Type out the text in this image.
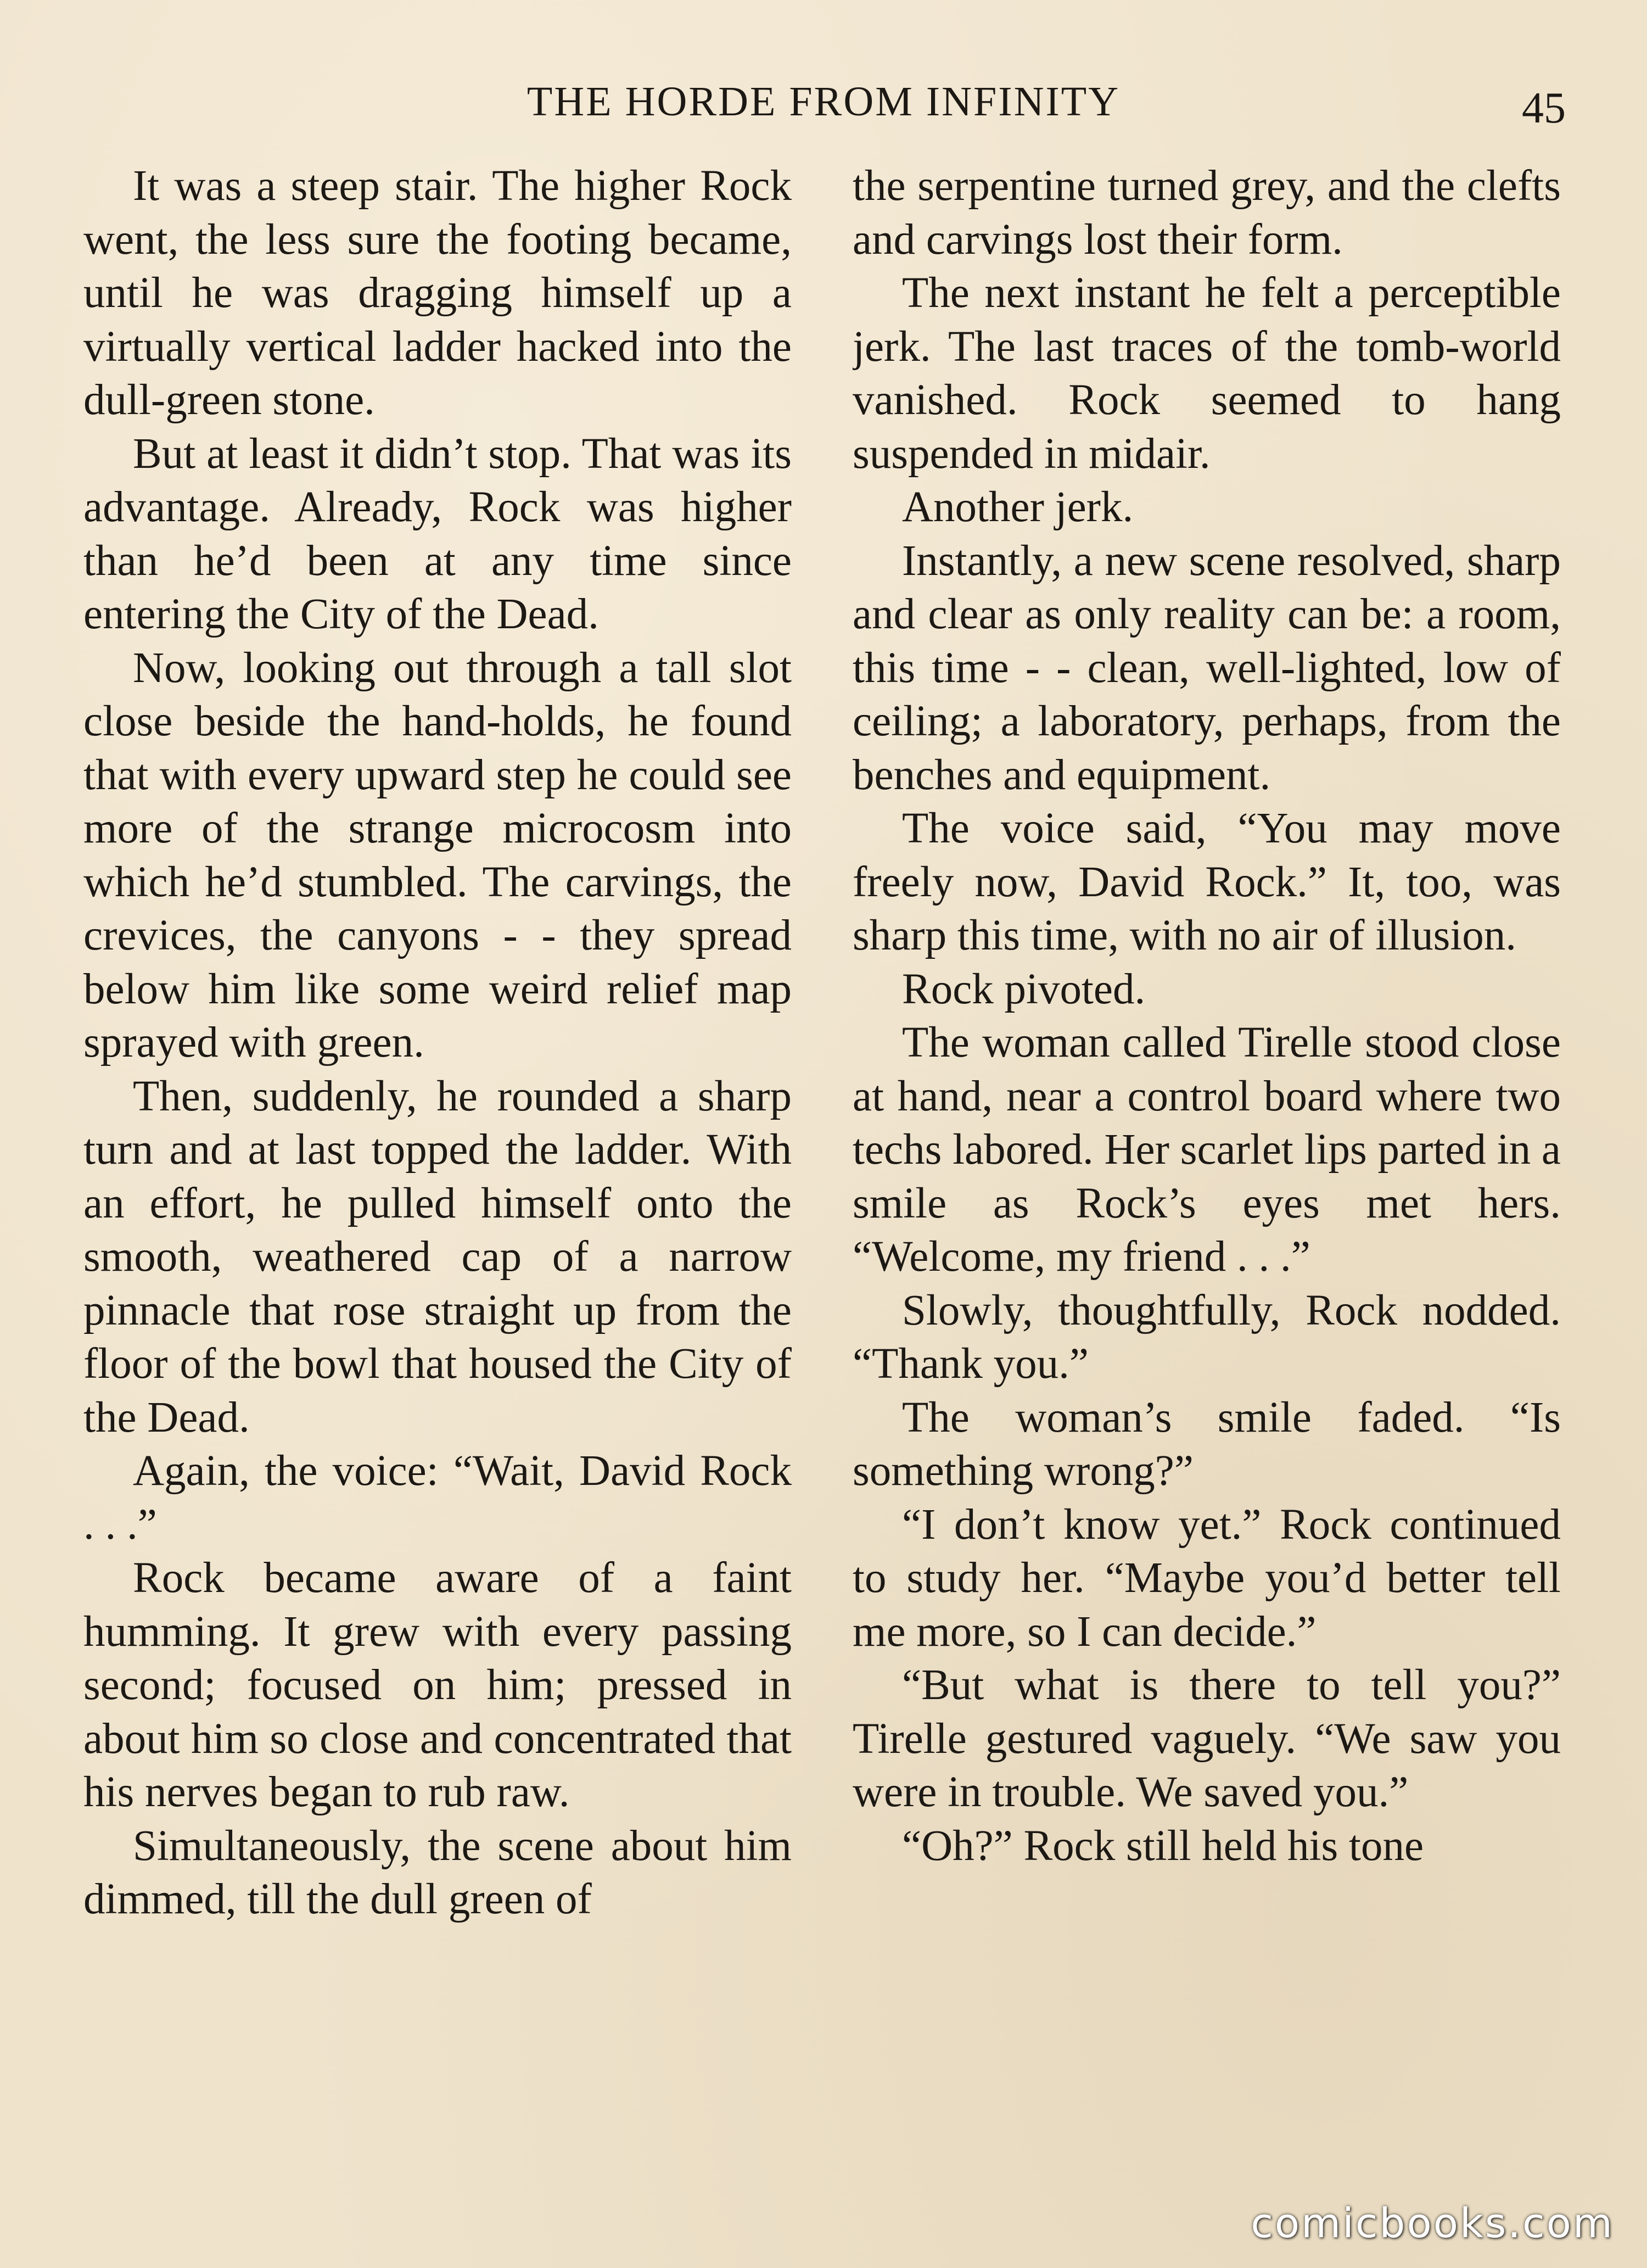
THE HORDE FROM INFINITY	45

It was a steep stair. The higher Rock went, the less sure the footing became, until he was dragging himself up a virtually vertical ladder hacked into the dull-green stone.

But at least it didn’t stop. That was its advantage. Already, Rock was higher than he’d been at any time since entering the City of the Dead.

Now, looking out through a tall slot close beside the hand-holds, he found that with every upward step he could see more of the strange microcosm into which he’d stumbled. The carvings, the crevices, the canyons - - they spread below him like some weird relief map sprayed with green.

Then, suddenly, he rounded a sharp turn and at last topped the ladder. With an effort, he pulled himself onto the smooth, weathered cap of a narrow pinnacle that rose straight up from the floor of the bowl that housed the City of the Dead.

Again, the voice: “Wait, David Rock . . .”

Rock became aware of a faint humming. It grew with every passing second; focused on him; pressed in about him so close and concentrated that his nerves began to rub raw.

Simultaneously, the scene about him dimmed, till the dull green of

the serpentine turned grey, and the clefts and carvings lost their form.

The next instant he felt a perceptible jerk. The last traces of the tomb-world vanished. Rock seemed to hang suspended in midair.

Another jerk.

Instantly, a new scene resolved, sharp and clear as only reality can be: a room, this time - - clean, well-lighted, low of ceiling; a laboratory, perhaps, from the benches and equipment.

The voice said, “You may move freely now, David Rock.” It, too, was sharp this time, with no air of illusion.

Rock pivoted.

The woman called Tirelle stood close at hand, near a control board where two techs labored. Her scarlet lips parted in a smile as Rock’s eyes met hers. “Welcome, my friend . . .”

Slowly, thoughtfully, Rock nodded. “Thank you.”

The woman’s smile faded. “Is something wrong?”

“I don’t know yet.” Rock continued to study her. “Maybe you’d better tell me more, so I can decide.”

“But what is there to tell you?” Tirelle gestured vaguely. “We saw you were in trouble. We saved you.”

“Oh?” Rock still held his tone

comicbooks.com
